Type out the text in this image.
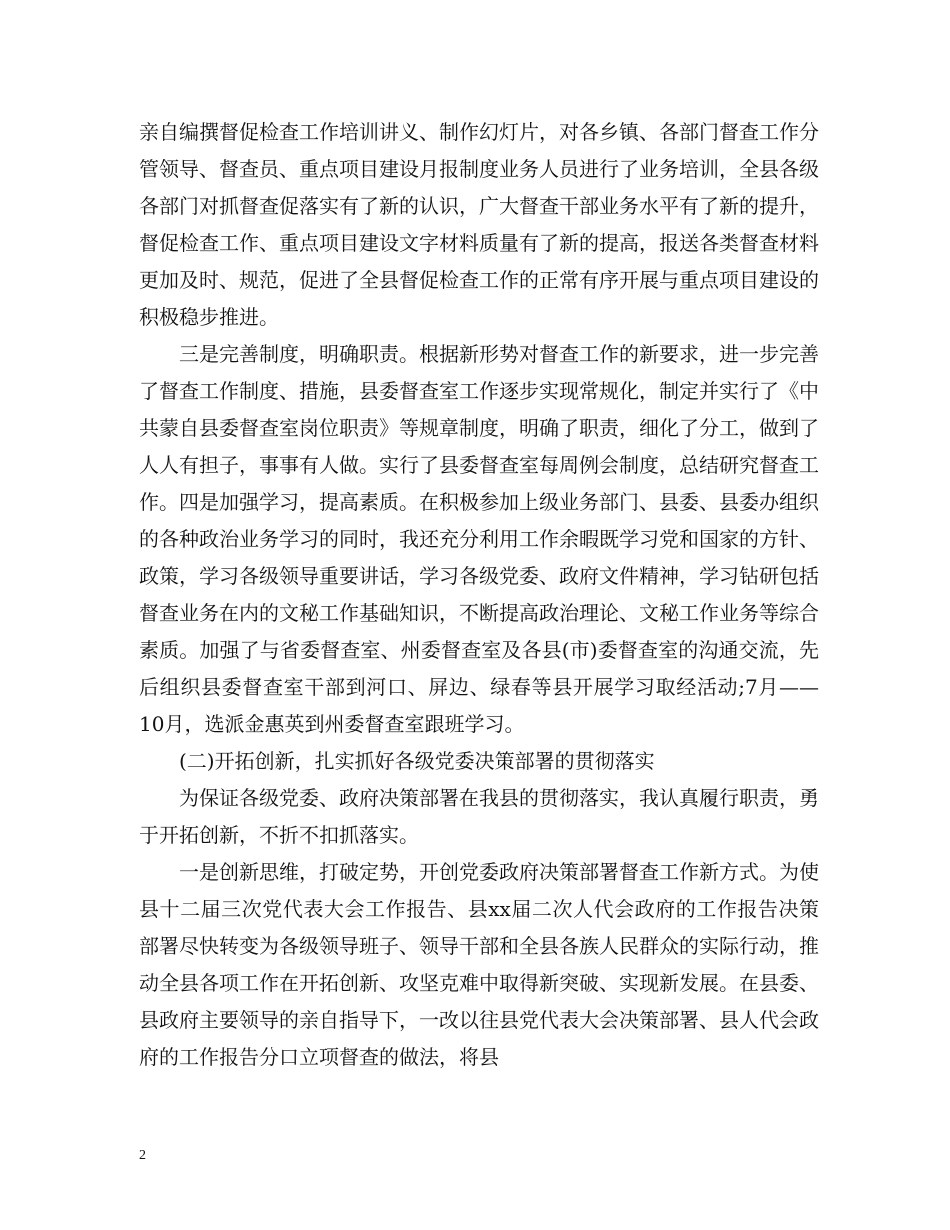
亲自编撰督促检查工作培训讲义、制作幻灯片，对各乡镇、各部门督查工作分管领导、督查员、重点项目建设月报制度业务人员进行了业务培训，全县各级各部门对抓督查促落实有了新的认识，广大督查干部业务水平有了新的提升，督促检查工作、重点项目建设文字材料质量有了新的提高，报送各类督查材料更加及时、规范，促进了全县督促检查工作的正常有序开展与重点项目建设的积极稳步推进。

三是完善制度，明确职责。根据新形势对督查工作的新要求，进一步完善了督查工作制度、措施，县委督查室工作逐步实现常规化，制定并实行了《中共蒙自县委督查室岗位职责》等规章制度，明确了职责，细化了分工，做到了人人有担子，事事有人做。实行了县委督查室每周例会制度，总结研究督查工作。四是加强学习，提高素质。在积极参加上级业务部门、县委、县委办组织的各种政治业务学习的同时，我还充分利用工作余暇既学习党和国家的方针、政策，学习各级领导重要讲话，学习各级党委、政府文件精神，学习钻研包括督查业务在内的文秘工作基础知识，不断提高政治理论、文秘工作业务等综合素质。加强了与省委督查室、州委督查室及各县(市)委督查室的沟通交流，先后组织县委督查室干部到河口、屏边、绿春等县开展学习取经活动;7月——10月，选派金惠英到州委督查室跟班学习。

(二)开拓创新，扎实抓好各级党委决策部署的贯彻落实

为保证各级党委、政府决策部署在我县的贯彻落实，我认真履行职责，勇于开拓创新，不折不扣抓落实。

一是创新思维，打破定势，开创党委政府决策部署督查工作新方式。为使县十二届三次党代表大会工作报告、县xx届二次人代会政府的工作报告决策部署尽快转变为各级领导班子、领导干部和全县各族人民群众的实际行动，推动全县各项工作在开拓创新、攻坚克难中取得新突破、实现新发展。在县委、县政府主要领导的亲自指导下，一改以往县党代表大会决策部署、县人代会政府的工作报告分口立项督查的做法，将县

2
